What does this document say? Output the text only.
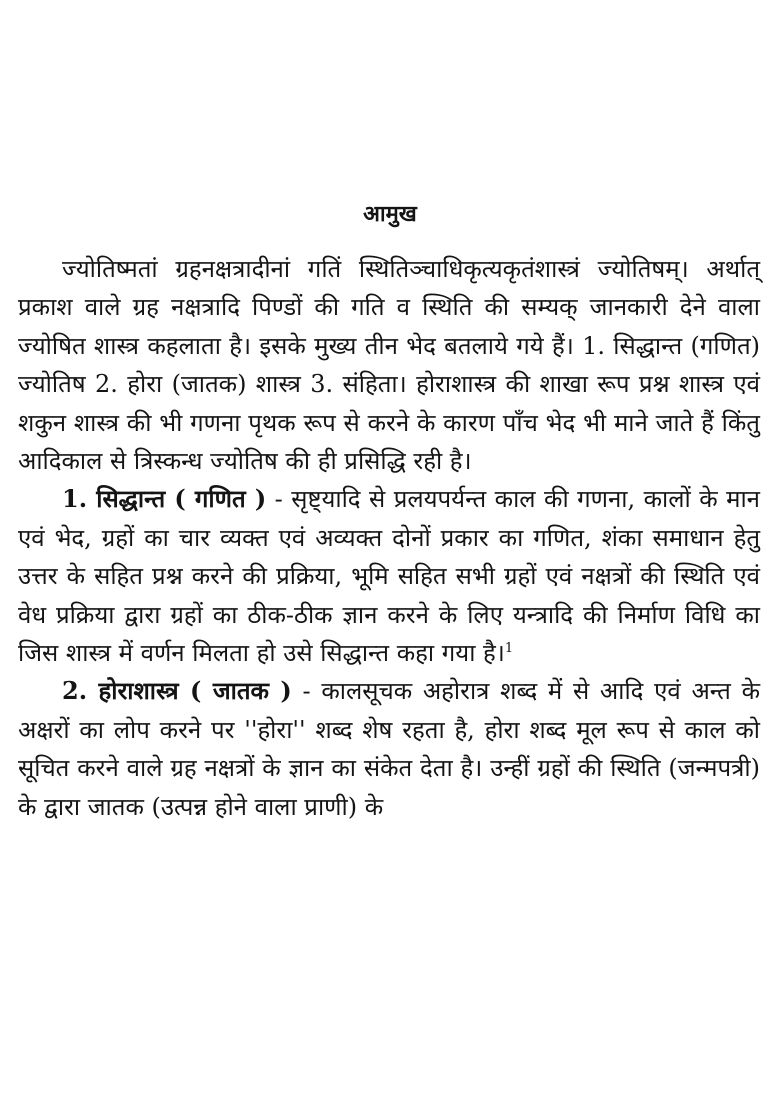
आमुख

ज्योतिष्मतां ग्रहनक्षत्रादीनां गतिं स्थितिञ्चाधिकृत्यकृतंशास्त्रं ज्योतिषम्। अर्थात् प्रकाश वाले ग्रह नक्षत्रादि पिण्डों की गति व स्थिति की सम्यक् जानकारी देने वाला ज्योषित शास्त्र कहलाता है। इसके मुख्य तीन भेद बतलाये गये हैं। 1. सिद्धान्त (गणित) ज्योतिष 2. होरा (जातक) शास्त्र 3. संहिता। होराशास्त्र की शाखा रूप प्रश्न शास्त्र एवं शकुन शास्त्र की भी गणना पृथक रूप से करने के कारण पाँच भेद भी माने जाते हैं किंतु आदिकाल से त्रिस्कन्ध ज्योतिष की ही प्रसिद्धि रही है।

1. सिद्धान्त ( गणित ) - सृष्ट्यादि से प्रलयपर्यन्त काल की गणना, कालों के मान एवं भेद, ग्रहों का चार व्यक्त एवं अव्यक्त दोनों प्रकार का गणित, शंका समाधान हेतु उत्तर के सहित प्रश्न करने की प्रक्रिया, भूमि सहित सभी ग्रहों एवं नक्षत्रों की स्थिति एवं वेध प्रक्रिया द्वारा ग्रहों का ठीक-ठीक ज्ञान करने के लिए यन्त्रादि की निर्माण विधि का जिस शास्त्र में वर्णन मिलता हो उसे सिद्धान्त कहा गया है।$^1$

2. होराशास्त्र ( जातक ) - कालसूचक अहोरात्र शब्द में से आदि एवं अन्त के अक्षरों का लोप करने पर ''होरा'' शब्द शेष रहता है, होरा शब्द मूल रूप से काल को सूचित करने वाले ग्रह नक्षत्रों के ज्ञान का संकेत देता है। उन्हीं ग्रहों की स्थिति (जन्मपत्री) के द्वारा जातक (उत्पन्न होने वाला प्राणी) के
